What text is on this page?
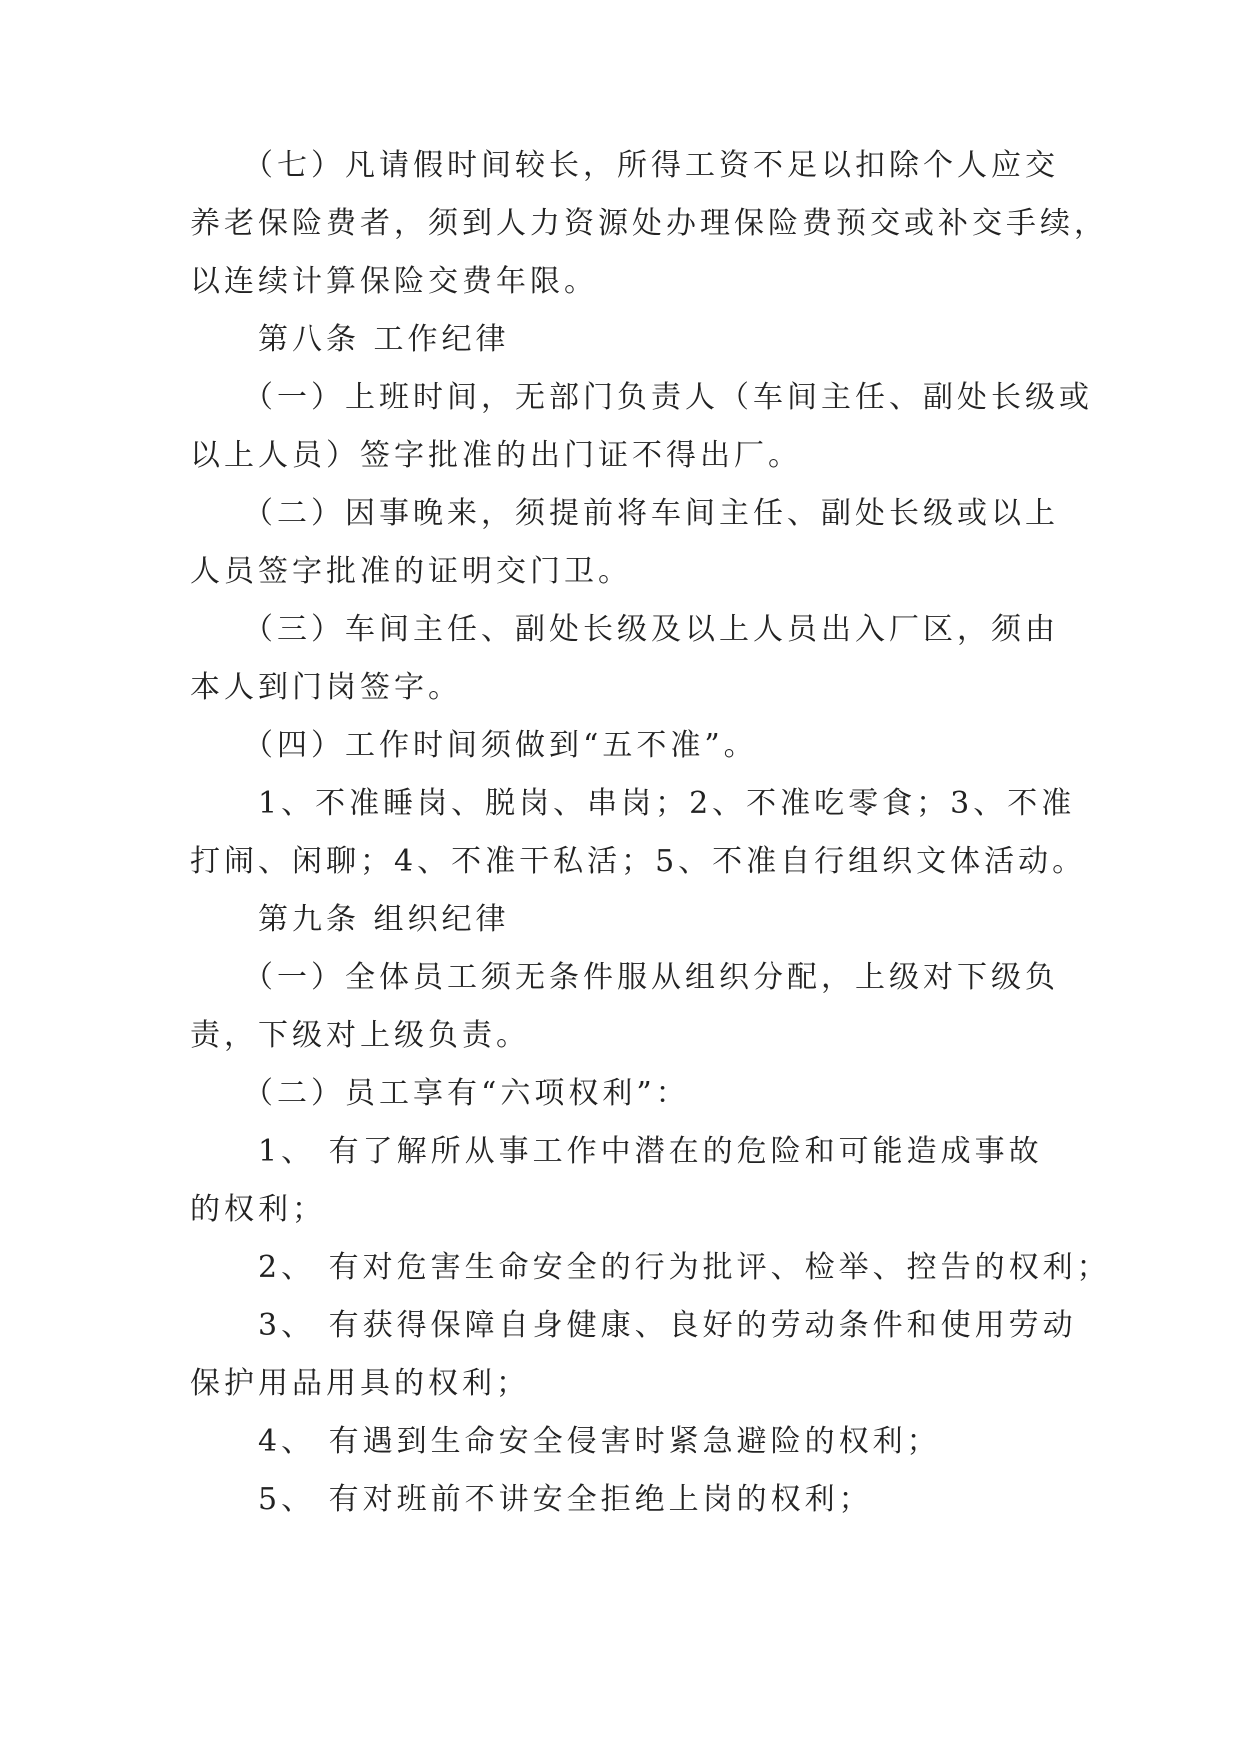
　　（七）凡请假时间较长，所得工资不足以扣除个人应交
养老保险费者，须到人力资源处办理保险费预交或补交手续，
以连续计算保险交费年限。
　　第八条 工作纪律
　　（一）上班时间，无部门负责人（车间主任、副处长级或
以上人员）签字批准的出门证不得出厂。
　　（二）因事晚来，须提前将车间主任、副处长级或以上
人员签字批准的证明交门卫。
　　（三）车间主任、副处长级及以上人员出入厂区，须由
本人到门岗签字。
　　（四）工作时间须做到“五不准”。
　　1、不准睡岗、脱岗、串岗；2、不准吃零食；3、不准
打闹、闲聊；4、不准干私活；5、不准自行组织文体活动。
　　第九条 组织纪律
　　（一）全体员工须无条件服从组织分配，上级对下级负
责，下级对上级负责。
　　（二）员工享有“六项权利”：
　　1、 有了解所从事工作中潜在的危险和可能造成事故
的权利；
　　2、 有对危害生命安全的行为批评、检举、控告的权利；
　　3、 有获得保障自身健康、良好的劳动条件和使用劳动
保护用品用具的权利；
　　4、 有遇到生命安全侵害时紧急避险的权利；
　　5、 有对班前不讲安全拒绝上岗的权利；
